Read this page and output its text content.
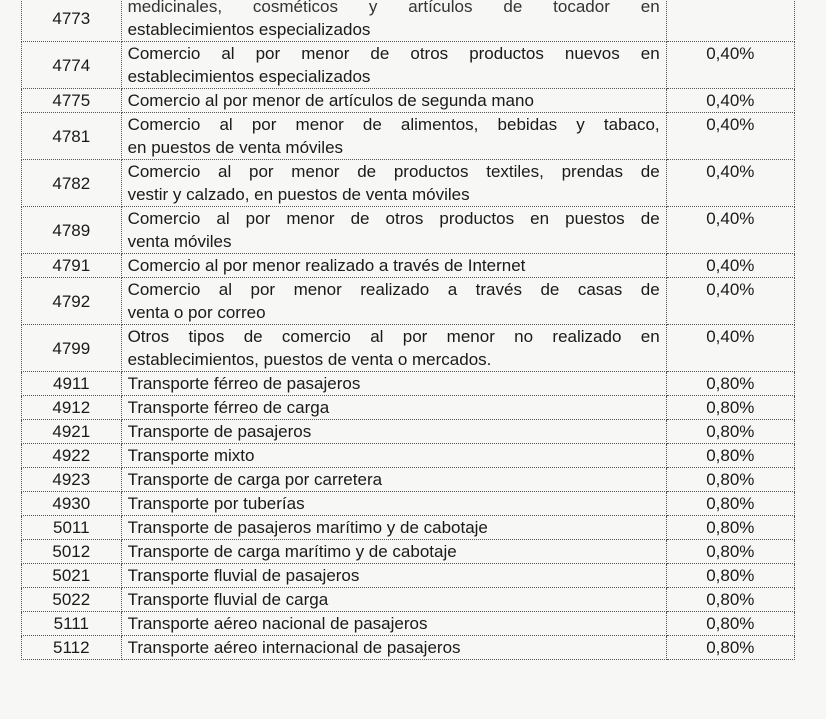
4773	medicinales, cosméticos y artículos de tocador en
establecimientos especializados	

4774	Comercio al por menor de otros productos nuevos en
establecimientos especializados	0,40%
4775	Comercio al por menor de artículos de segunda mano	0,40%
4781	Comercio al por menor de alimentos, bebidas y tabaco,
en puestos de venta móviles	0,40%
4782	Comercio al por menor de productos textiles, prendas de
vestir y calzado, en puestos de venta móviles	0,40%
4789	Comercio al por menor de otros productos en puestos de
venta móviles	0,40%
4791	Comercio al por menor realizado a través de Internet	0,40%
4792	Comercio al por menor realizado a través de casas de
venta o por correo	0,40%
4799	Otros tipos de comercio al por menor no realizado en
establecimientos, puestos de venta o mercados.	0,40%
4911	Transporte férreo de pasajeros	0,80%
4912	Transporte férreo de carga	0,80%
4921	Transporte de pasajeros	0,80%
4922	Transporte mixto	0,80%
4923	Transporte de carga por carretera	0,80%
4930	Transporte por tuberías	0,80%
5011	Transporte de pasajeros marítimo y de cabotaje	0,80%
5012	Transporte de carga marítimo y de cabotaje	0,80%
5021	Transporte fluvial de pasajeros	0,80%
5022	Transporte fluvial de carga	0,80%
5111	Transporte aéreo nacional de pasajeros	0,80%
5112	Transporte aéreo internacional de pasajeros	0,80%
